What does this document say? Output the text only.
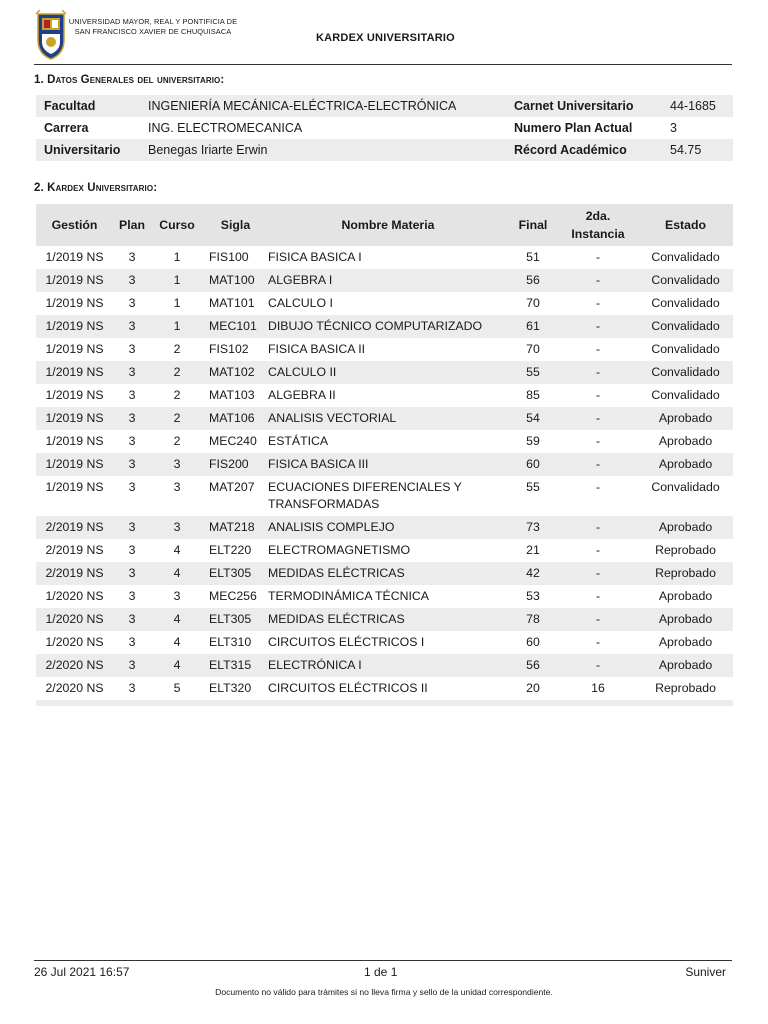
UNIVERSIDAD MAYOR, REAL Y PONTIFICIA DE
SAN FRANCISCO XAVIER DE CHUQUISACA
KARDEX UNIVERSITARIO
1. Datos Generales del universitario:
Facultad	INGENIERÍA MECÁNICA-ELÉCTRICA-ELECTRÓNICA	Carnet Universitario	44-1685
Carrera	ING. ELECTROMECANICA	Numero Plan Actual	3
Universitario	Benegas Iriarte Erwin	Récord Académico	54.75
2. Kardex Universitario:
Gestión	Plan	Curso	Sigla	Nombre Materia	Final	2da.
Instancia	Estado
1/2019 NS	3	1	FIS100	FISICA BASICA I	51	-	Convalidado
1/2019 NS	3	1	MAT100	ALGEBRA I	56	-	Convalidado
1/2019 NS	3	1	MAT101	CALCULO I	70	-	Convalidado
1/2019 NS	3	1	MEC101	DIBUJO TÉCNICO COMPUTARIZADO	61	-	Convalidado
1/2019 NS	3	2	FIS102	FISICA BASICA II	70	-	Convalidado
1/2019 NS	3	2	MAT102	CALCULO II	55	-	Convalidado
1/2019 NS	3	2	MAT103	ALGEBRA II	85	-	Convalidado
1/2019 NS	3	2	MAT106	ANALISIS VECTORIAL	54	-	Aprobado
1/2019 NS	3	2	MEC240	ESTÁTICA	59	-	Aprobado
1/2019 NS	3	3	FIS200	FISICA BASICA III	60	-	Aprobado
1/2019 NS	3	3	MAT207	ECUACIONES DIFERENCIALES Y TRANSFORMADAS	55	-	Convalidado
2/2019 NS	3	3	MAT218	ANALISIS COMPLEJO	73	-	Aprobado
2/2019 NS	3	4	ELT220	ELECTROMAGNETISMO	21	-	Reprobado
2/2019 NS	3	4	ELT305	MEDIDAS ELÉCTRICAS	42	-	Reprobado
1/2020 NS	3	3	MEC256	TERMODINÁMICA TÉCNICA	53	-	Aprobado
1/2020 NS	3	4	ELT305	MEDIDAS ELÉCTRICAS	78	-	Aprobado
1/2020 NS	3	4	ELT310	CIRCUITOS ELÉCTRICOS I	60	-	Aprobado
2/2020 NS	3	4	ELT315	ELECTRÓNICA I	56	-	Aprobado
2/2020 NS	3	5	ELT320	CIRCUITOS ELÉCTRICOS II	20	16	Reprobado

26 Jul 2021 16:57	1 de 1	Suniver
Documento no válido para trámites si no lleva firma y sello de la unidad correspondiente.
